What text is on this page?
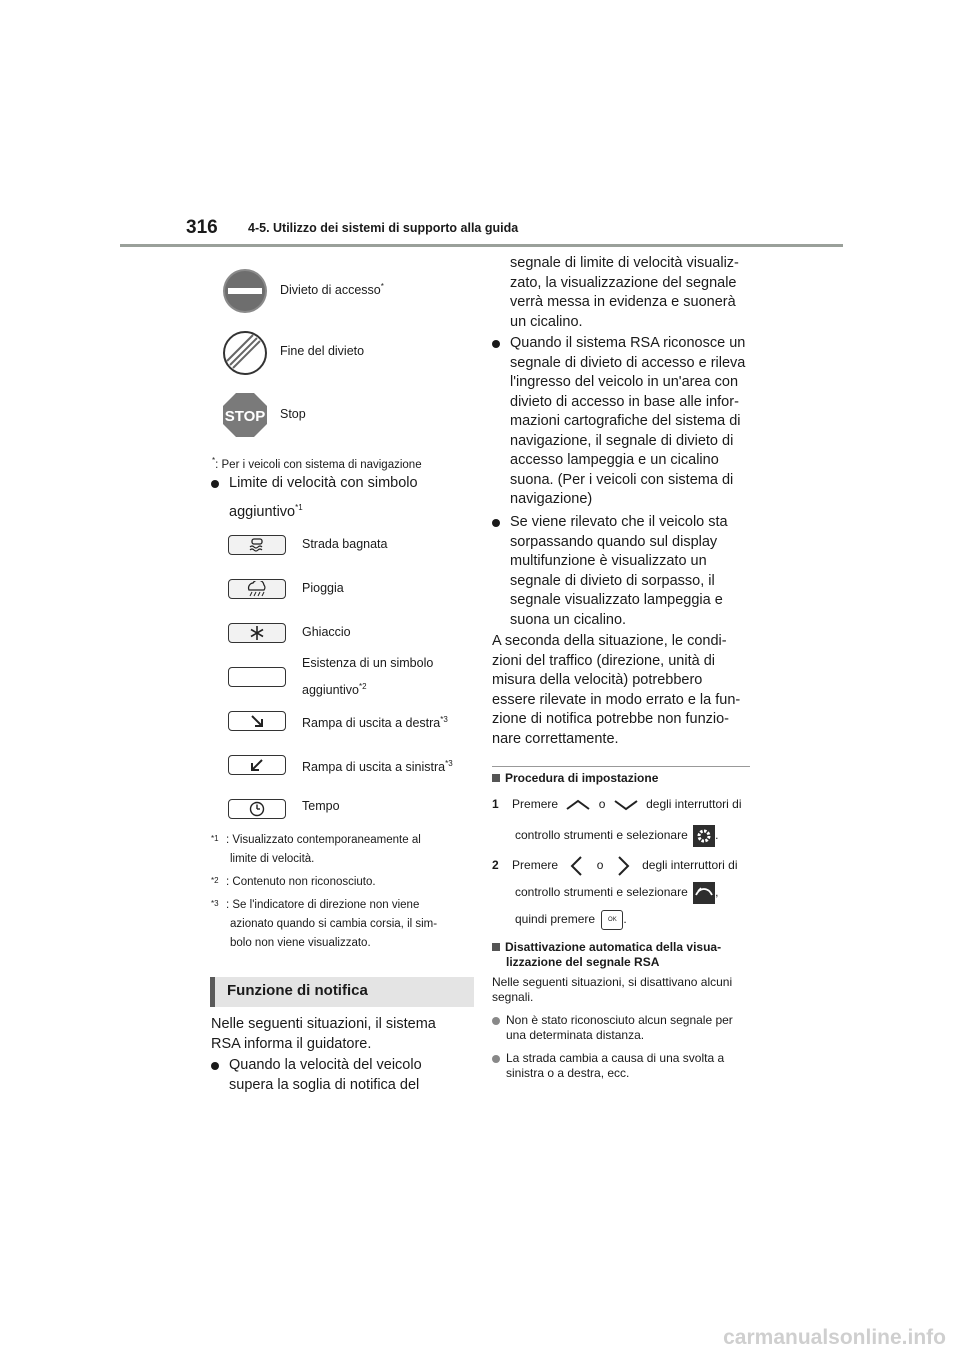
316 4-5. Utilizzo dei sistemi di supporto alla guida
Divieto di accesso*
Fine del divieto
STOP Stop
*: Per i veicoli con sistema di navigazione
Limite di velocità con simbolo
aggiuntivo$^{*1}$
Strada bagnata
Pioggia
Ghiaccio
Esistenza di un simbolo
aggiuntivo$^{*2}$
Rampa di uscita a destra$^{*3}$
Rampa di uscita a sinistra$^{*3}$
Tempo
*1 : Visualizzato contemporaneamente al
limite di velocità.
*2 : Contenuto non riconosciuto.
*3 : Se l'indicatore di direzione non viene
azionato quando si cambia corsia, il sim-
bolo non viene visualizzato.
Funzione di notifica
Nelle seguenti situazioni, il sistema
RSA informa il guidatore.
Quando la velocità del veicolo
supera la soglia di notifica del
segnale di limite di velocità visualiz-
zato, la visualizzazione del segnale
verrà messa in evidenza e suonerà
un cicalino.
Quando il sistema RSA riconosce un
segnale di divieto di accesso e rileva
l'ingresso del veicolo in un'area con
divieto di accesso in base alle infor-
mazioni cartografiche del sistema di
navigazione, il segnale di divieto di
accesso lampeggia e un cicalino
suona. (Per i veicoli con sistema di
navigazione)
Se viene rilevato che il veicolo sta
sorpassando quando sul display
multifunzione è visualizzato un
segnale di divieto di sorpasso, il
segnale visualizzato lampeggia e
suona un cicalino.
A seconda della situazione, le condi-
zioni del traffico (direzione, unità di
misura della velocità) potrebbero
essere rilevate in modo errato e la fun-
zione di notifica potrebbe non funzio-
nare correttamente.
Procedura di impostazione
1 Premere	o	degli interruttori di
controllo strumenti e selezionare .
2 Premere	o	degli interruttori di
controllo strumenti e selezionare ,
quindi premere OK .
Disattivazione automatica della visua-
lizzazione del segnale RSA
Nelle seguenti situazioni, si disattivano alcuni
segnali.
Non è stato riconosciuto alcun segnale per
una determinata distanza.
La strada cambia a causa di una svolta a
sinistra o a destra, ecc.
carmanualsonline.info
